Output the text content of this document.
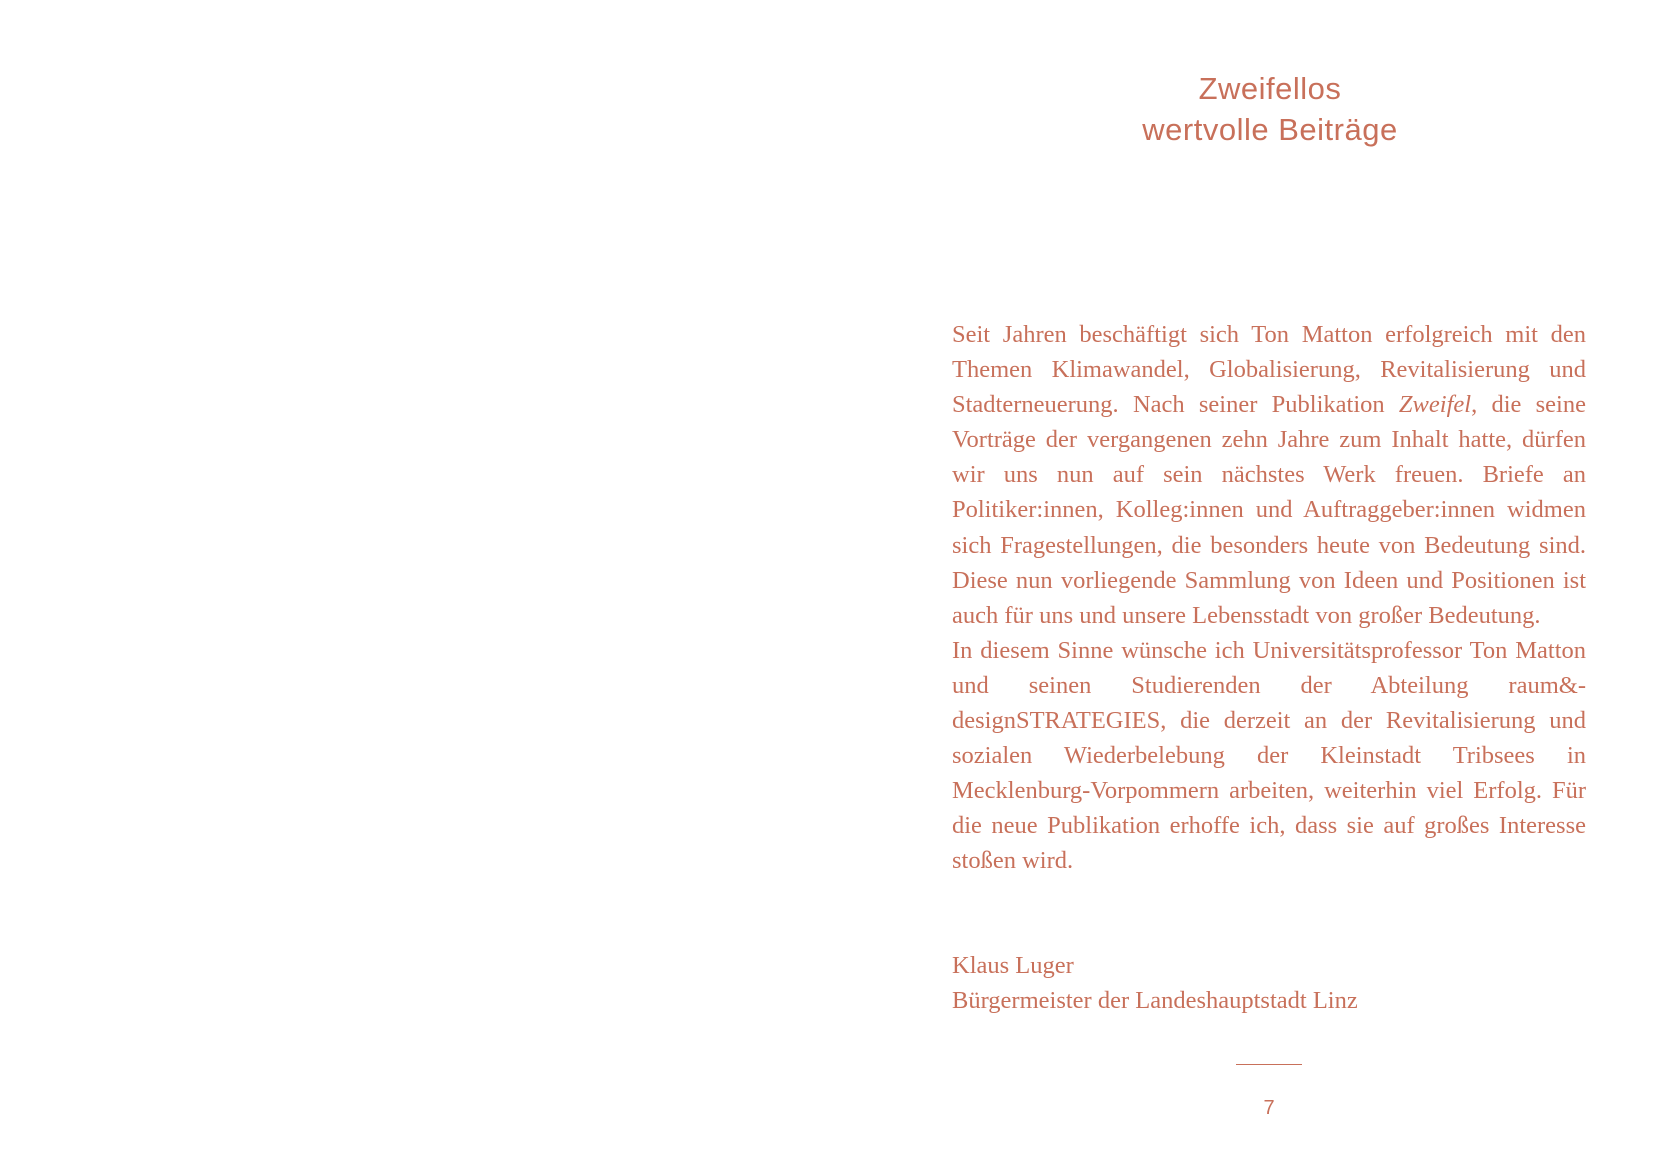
Zweifellos
wertvolle Beiträge

Seit Jahren beschäftigt sich Ton Matton erfolgreich mit den Themen Klimawandel, Globalisierung, Revitalisierung und Stadterneuerung. Nach seiner Publikation Zweifel, die seine Vorträge der vergangenen zehn Jahre zum Inhalt hatte, dürfen wir uns nun auf sein nächstes Werk freuen. Briefe an Politiker:innen, Kolleg:innen und Auftraggeber:innen widmen sich Fragestellungen, die besonders heute von Bedeutung sind. Diese nun vorliegende Sammlung von Ideen und Positionen ist auch für uns und unsere Lebensstadt von großer Bedeutung.

In diesem Sinne wünsche ich Universitätsprofessor Ton Matton und seinen Studierenden der Abteilung raum&designSTRATEGIES, die derzeit an der Revitalisierung und sozialen Wiederbelebung der Kleinstadt Tribsees in Mecklenburg-Vorpommern arbeiten, weiterhin viel Erfolg. Für die neue Publikation erhoffe ich, dass sie auf großes Interesse stoßen wird.

Klaus Luger
Bürgermeister der Landeshauptstadt Linz
7
